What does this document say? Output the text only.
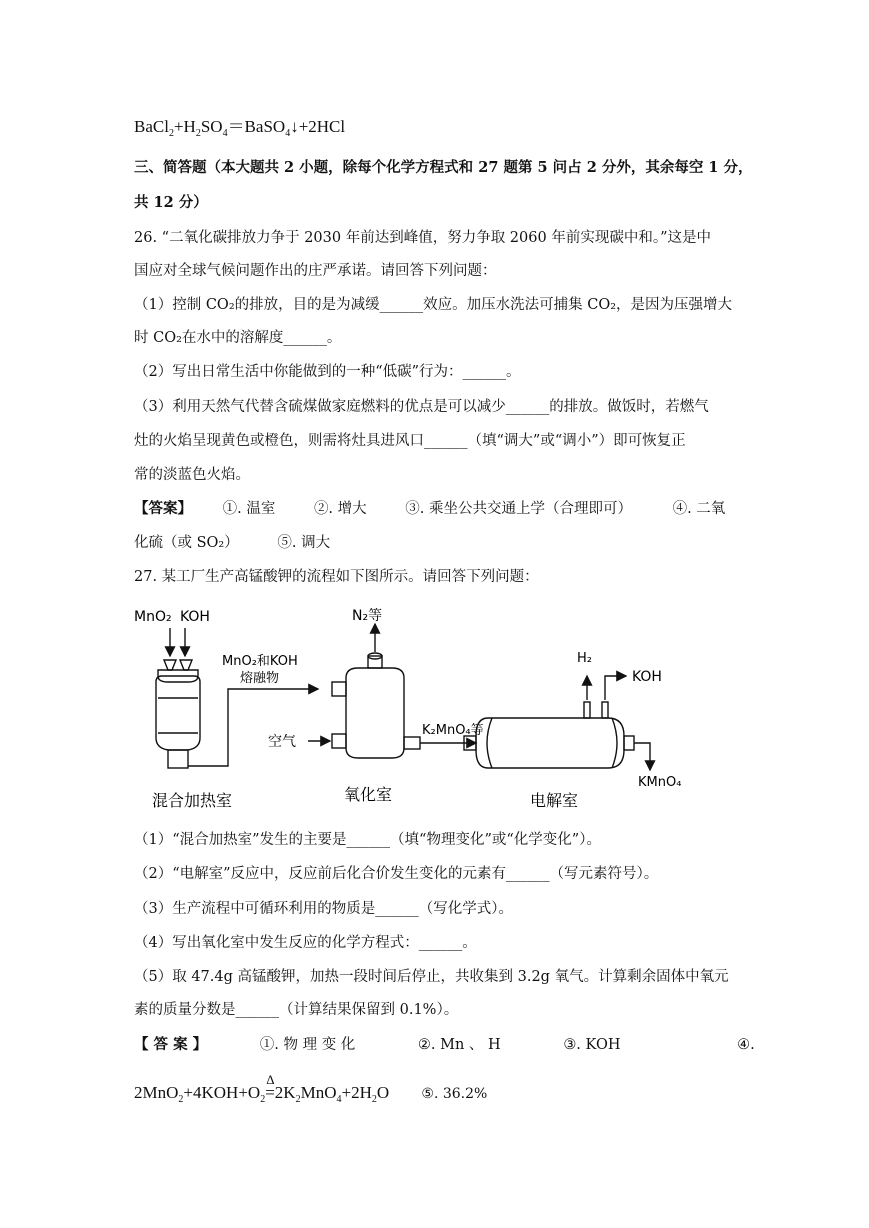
$BaCl_2+H_2SO_4=BaSO_4↓+2HCl$
三、简答题（本大题共 2 小题，除每个化学方程式和 27 题第 5 问占 2 分外，其余每空 1 分，
共 12 分）
26. “二氧化碳排放力争于 2030 年前达到峰值，努力争取 2060 年前实现碳中和。”这是中
国应对全球气候问题作出的庄严承诺。请回答下列问题：
（1）控制 CO₂的排放，目的是为减缓______效应。加压水洗法可捕集 CO₂，是因为压强增大
时 CO₂在水中的溶解度______。
（2）写出日常生活中你能做到的一种“低碳”行为：______。
（3）利用天然气代替含硫煤做家庭燃料的优点是可以减少______的排放。做饭时，若燃气
灶的火焰呈现黄色或橙色，则需将灶具进风口______（填“调大”或“调小”）即可恢复正
常的淡蓝色火焰。
【答案】 ①. 温室	②. 增大	③. 乘坐公共交通上学（合理即可）	④. 二氧
化硫（或 SO₂）	⑤. 调大
27. 某工厂生产高锰酸钾的流程如下图所示。请回答下列问题：
MnO₂ KOH
MnO₂和KOH
熔融物
N₂等
空气
K₂MnO₄等
H₂
KOH
KMnO₄
混合加热室	氧化室	电解室
（1）“混合加热室”发生的主要是______（填“物理变化”或“化学变化”）。
（2）“电解室”反应中，反应前后化合价发生变化的元素有______（写元素符号）。
（3）生产流程中可循环利用的物质是______（写化学式）。
（4）写出氧化室中发生反应的化学方程式：______。
（5）取 47.4g 高锰酸钾，加热一段时间后停止，共收集到 3.2g 氧气。计算剩余固体中氧元
素的质量分数是______（计算结果保留到 0.1%）。
【 答 案 】	①. 物 理 变 化	②. Mn 、 H	③. KOH	④.
$2MnO_2+4KOH+O_2$
Δ
$=2K_2MnO_4+2H_2O$ ⑤. 36.2%
